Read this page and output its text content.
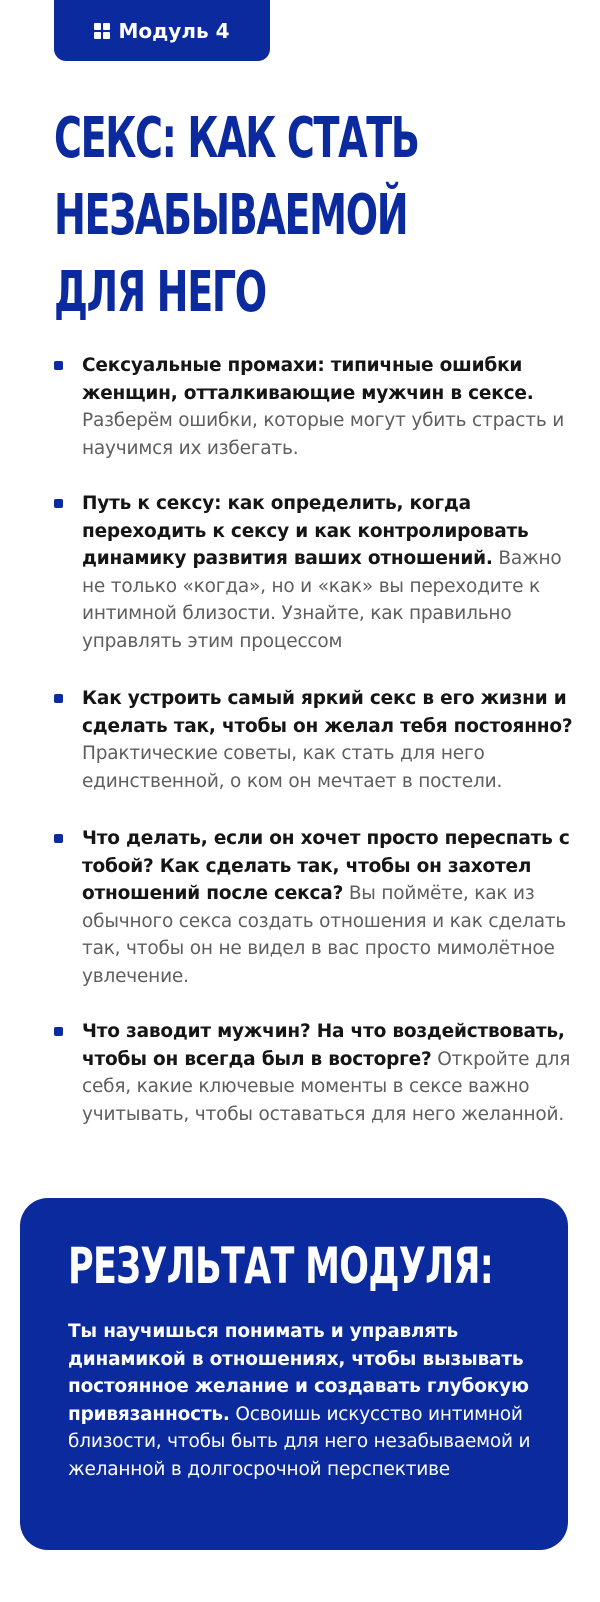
Модуль 4
СЕКС: КАК СТАТЬ
НЕЗАБЫВАЕМОЙ
ДЛЯ НЕГО
Сексуальные промахи: типичные ошибки женщин, отталкивающие мужчин в сексе. Разберём ошибки, которые могут убить страсть и научимся их избегать.
Путь к сексу: как определить, когда переходить к сексу и как контролировать динамику развития ваших отношений. Важно не только «когда», но и «как» вы переходите к интимной близости. Узнайте, как правильно управлять этим процессом
Как устроить самый яркий секс в его жизни и сделать так, чтобы он желал тебя постоянно? Практические советы, как стать для него единственной, о ком он мечтает в постели.
Что делать, если он хочет просто переспать с тобой? Как сделать так, чтобы он захотел отношений после секса? Вы поймёте, как из обычного секса создать отношения и как сделать так, чтобы он не видел в вас просто мимолётное увлечение.
Что заводит мужчин? На что воздействовать, чтобы он всегда был в восторге? Откройте для себя, какие ключевые моменты в сексе важно учитывать, чтобы оставаться для него желанной.
РЕЗУЛЬТАТ МОДУЛЯ:

Ты научишься понимать и управлять динамикой в отношениях, чтобы вызывать постоянное желание и создавать глубокую привязанность. Освоишь искусство интимной близости, чтобы быть для него незабываемой и желанной в долгосрочной перспективе
